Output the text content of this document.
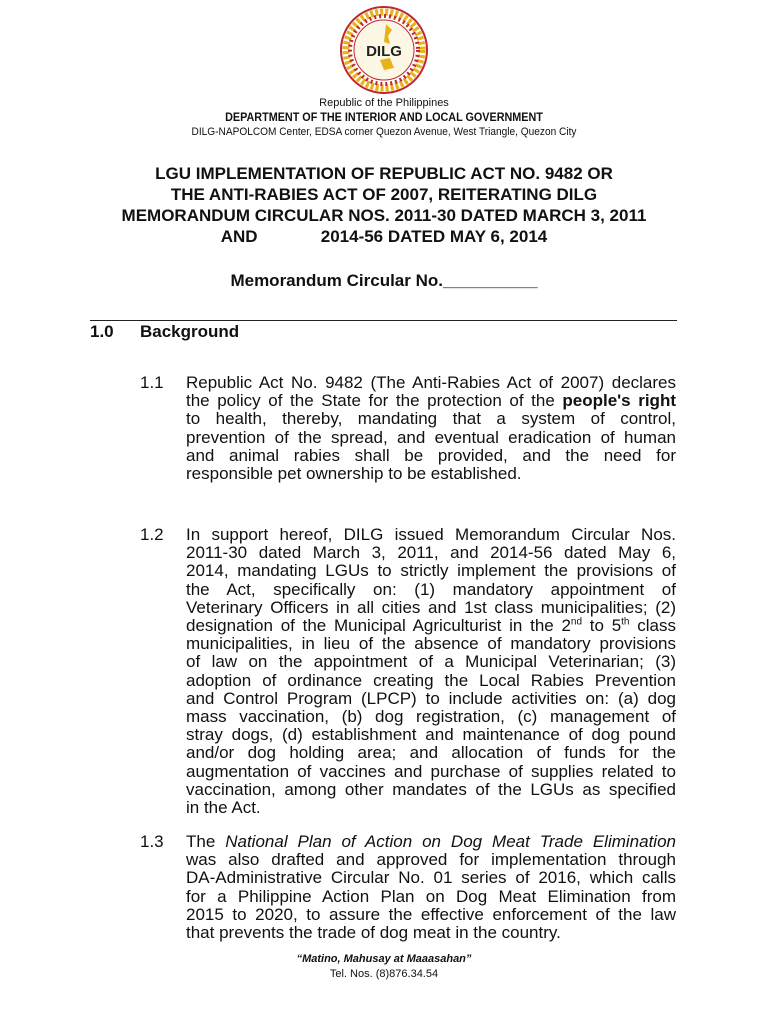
DILG
Republic of the Philippines
DEPARTMENT OF THE INTERIOR AND LOCAL GOVERNMENT
DILG-NAPOLCOM Center, EDSA corner Quezon Avenue, West Triangle, Quezon City
LGU IMPLEMENTATION OF REPUBLIC ACT NO. 9482 OR
THE ANTI-RABIES ACT OF 2007, REITERATING DILG
MEMORANDUM CIRCULAR NOS. 2011-30 DATED MARCH 3, 2011
AND	2014-56 DATED MAY 6, 2014
Memorandum Circular No.__________
1.0 Background
1.1 Republic Act No. 9482 (The Anti-Rabies Act of 2007) declares
the policy of the State for the protection of the people's right
to health, thereby, mandating that a system of control,
prevention of the spread, and eventual eradication of human
and animal rabies shall be provided, and the need for
responsible pet ownership to be established.
1.2 In support hereof, DILG issued Memorandum Circular Nos.
2011-30 dated March 3, 2011, and 2014-56 dated May 6,
2014, mandating LGUs to strictly implement the provisions of
the Act, specifically on: (1) mandatory appointment of
Veterinary Officers in all cities and 1st class municipalities; (2)
designation of the Municipal Agriculturist in the 2nd to 5th class
municipalities, in lieu of the absence of mandatory provisions
of law on the appointment of a Municipal Veterinarian; (3)
adoption of ordinance creating the Local Rabies Prevention
and Control Program (LPCP) to include activities on: (a) dog
mass vaccination, (b) dog registration, (c) management of
stray dogs, (d) establishment and maintenance of dog pound
and/or dog holding area; and allocation of funds for the
augmentation of vaccines and purchase of supplies related to
vaccination, among other mandates of the LGUs as specified
in the Act.
1.3 The National Plan of Action on Dog Meat Trade Elimination
was also drafted and approved for implementation through
DA-Administrative Circular No. 01 series of 2016, which calls
for a Philippine Action Plan on Dog Meat Elimination from
2015 to 2020, to assure the effective enforcement of the law
that prevents the trade of dog meat in the country.
“Matino, Mahusay at Maaasahan”
Tel. Nos. (8)876.34.54
